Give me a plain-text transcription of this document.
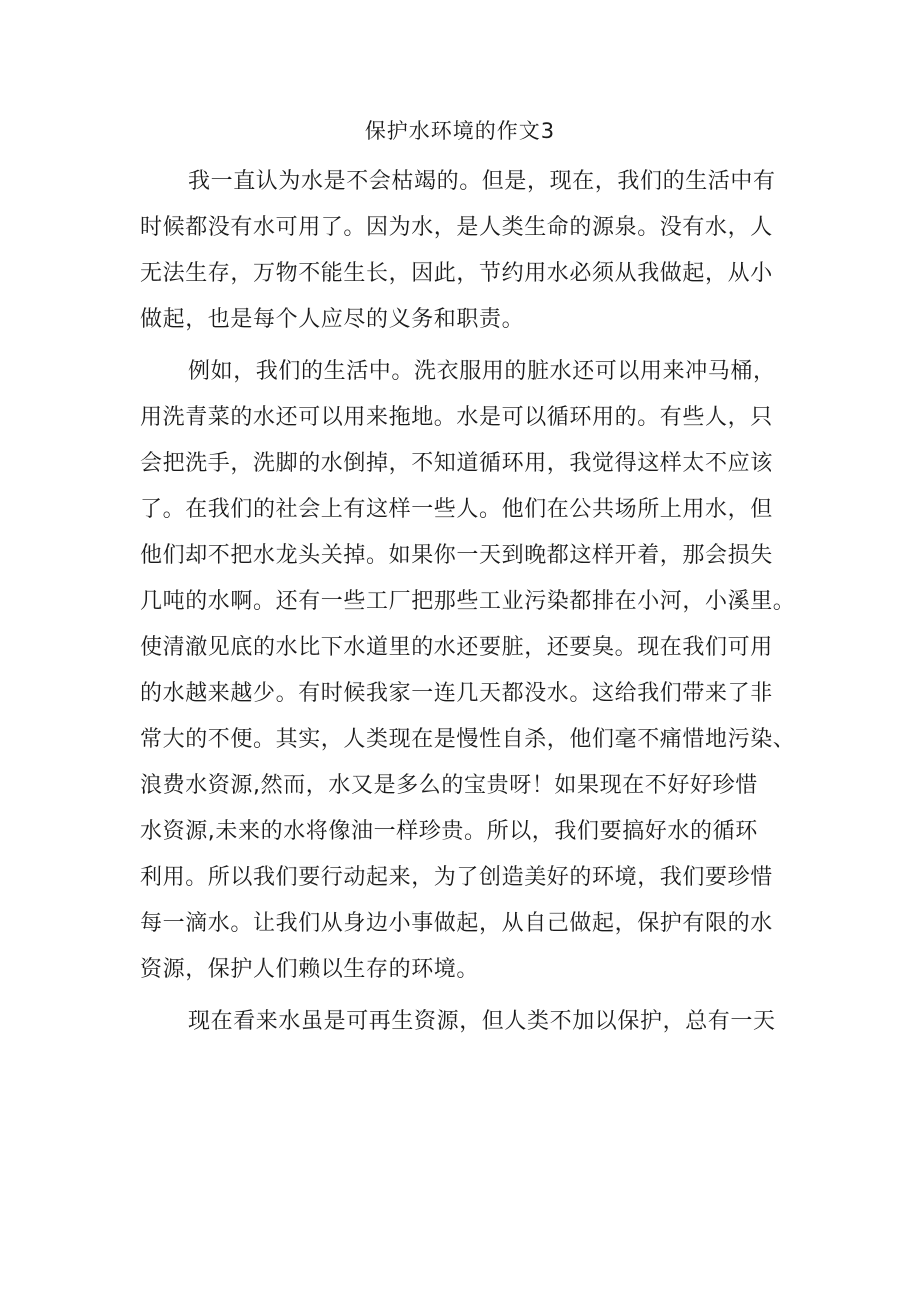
保护水环境的作文3
我一直认为水是不会枯竭的。但是，现在，我们的生活中有
时候都没有水可用了。因为水，是人类生命的源泉。没有水，人
无法生存，万物不能生长，因此，节约用水必须从我做起，从小
做起，也是每个人应尽的义务和职责。
例如，我们的生活中。洗衣服用的脏水还可以用来冲马桶，
用洗青菜的水还可以用来拖地。水是可以循环用的。有些人，只
会把洗手，洗脚的水倒掉，不知道循环用，我觉得这样太不应该
了。在我们的社会上有这样一些人。他们在公共场所上用水，但
他们却不把水龙头关掉。如果你一天到晚都这样开着，那会损失
几吨的水啊。还有一些工厂把那些工业污染都排在小河，小溪里。
使清澈见底的水比下水道里的水还要脏，还要臭。现在我们可用
的水越来越少。有时候我家一连几天都没水。这给我们带来了非
常大的不便。其实，人类现在是慢性自杀，他们毫不痛惜地污染、
浪费水资源,然而，水又是多么的宝贵呀！如果现在不好好珍惜
水资源,未来的水将像油一样珍贵。所以，我们要搞好水的循环
利用。所以我们要行动起来，为了创造美好的环境，我们要珍惜
每一滴水。让我们从身边小事做起，从自己做起，保护有限的水
资源，保护人们赖以生存的环境。
现在看来水虽是可再生资源，但人类不加以保护，总有一天
